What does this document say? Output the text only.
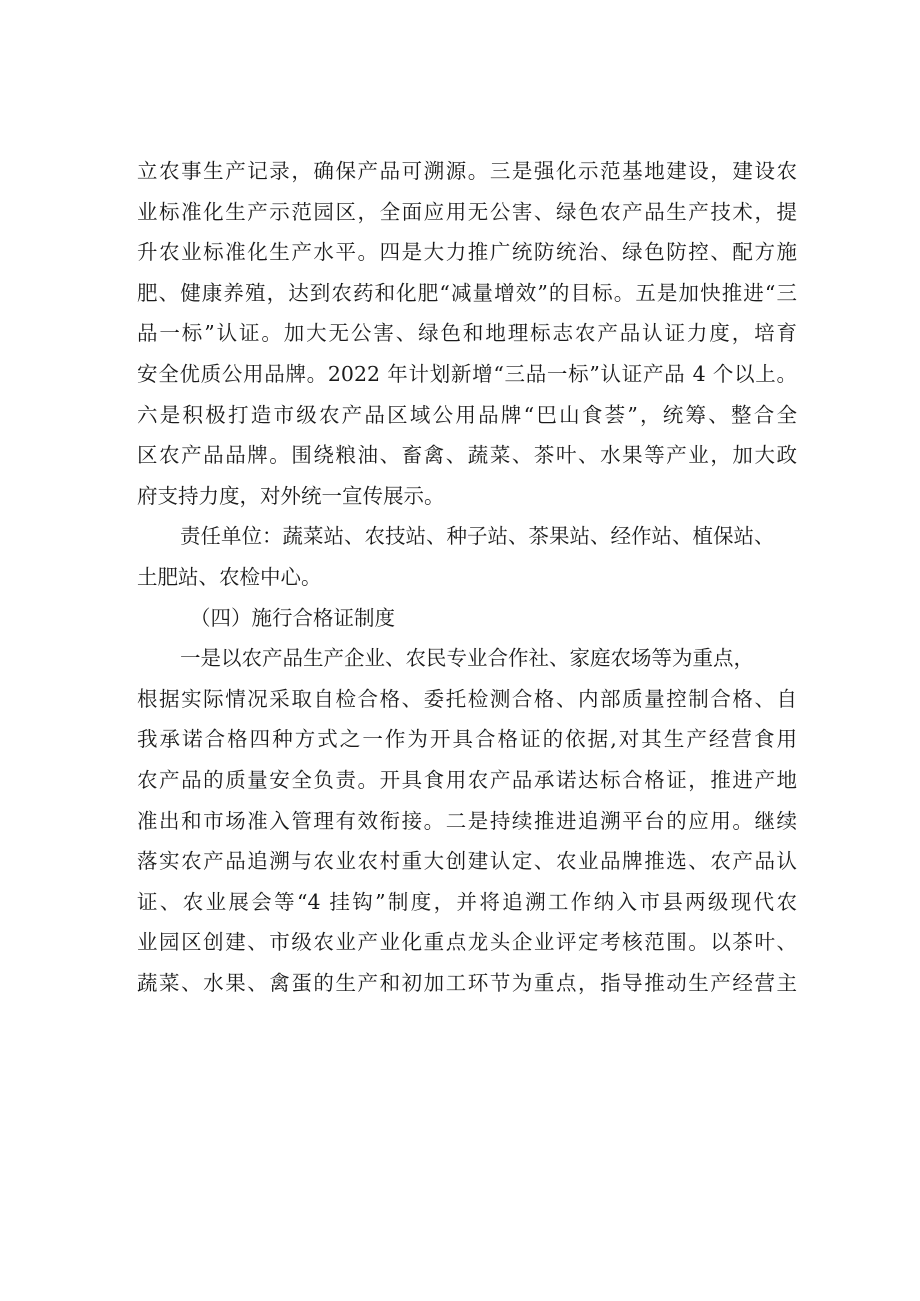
立农事生产记录，确保产品可溯源。三是强化示范基地建设，建设农
业标准化生产示范园区，全面应用无公害、绿色农产品生产技术，提
升农业标准化生产水平。四是大力推广统防统治、绿色防控、配方施
肥、健康养殖，达到农药和化肥“减量增效”的目标。五是加快推进“三
品一标”认证。加大无公害、绿色和地理标志农产品认证力度，培育
安全优质公用品牌。2022 年计划新增“三品一标”认证产品 4 个以上。
六是积极打造市级农产品区域公用品牌“巴山食荟”，统筹、整合全
区农产品品牌。围绕粮油、畜禽、蔬菜、茶叶、水果等产业，加大政
府支持力度，对外统一宣传展示。
责任单位：蔬菜站、农技站、种子站、茶果站、经作站、植保站、
土肥站、农检中心。
（四）施行合格证制度
一是以农产品生产企业、农民专业合作社、家庭农场等为重点，
根据实际情况采取自检合格、委托检测合格、内部质量控制合格、自
我承诺合格四种方式之一作为开具合格证的依据,对其生产经营食用
农产品的质量安全负责。开具食用农产品承诺达标合格证，推进产地
准出和市场准入管理有效衔接。二是持续推进追溯平台的应用。继续
落实农产品追溯与农业农村重大创建认定、农业品牌推选、农产品认
证、农业展会等“4 挂钩”制度，并将追溯工作纳入市县两级现代农
业园区创建、市级农业产业化重点龙头企业评定考核范围。以茶叶、
蔬菜、水果、禽蛋的生产和初加工环节为重点，指导推动生产经营主
